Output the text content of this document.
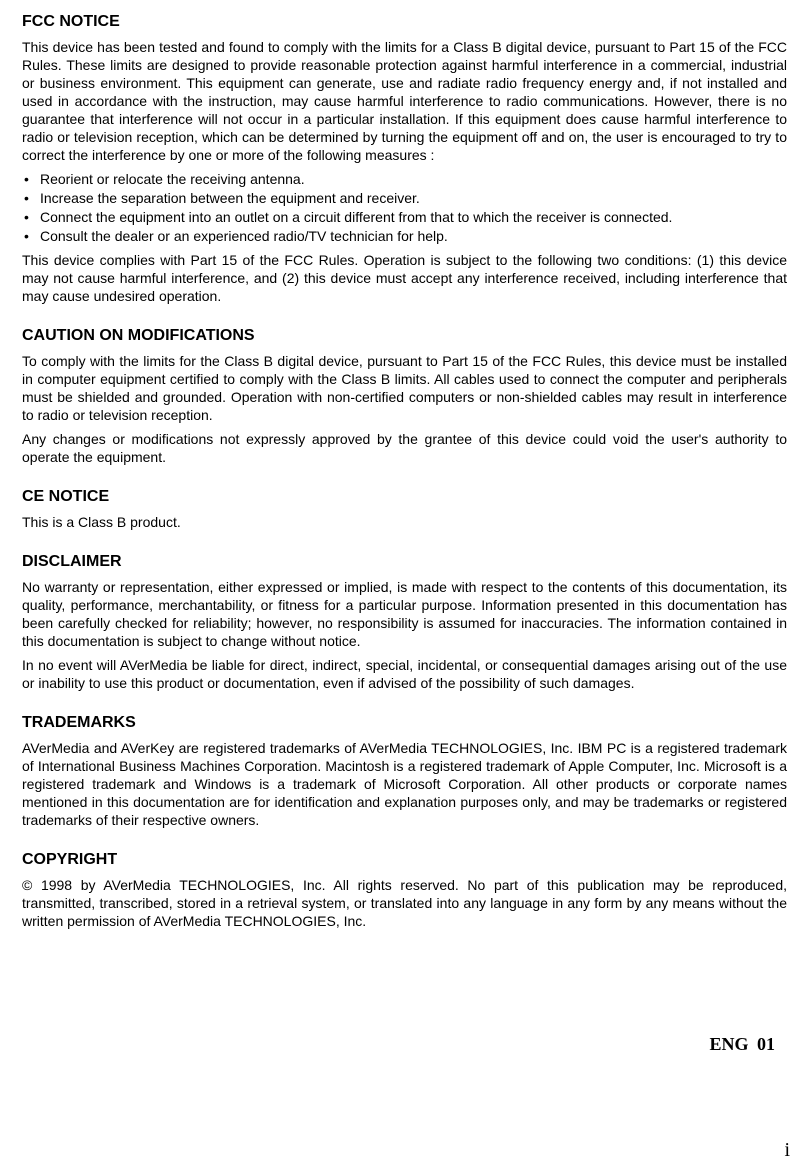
FCC NOTICE

This device has been tested and found to comply with the limits for a Class B digital device, pursuant to Part 15 of the FCC Rules. These limits are designed to provide reasonable protection against harmful interference in a commercial, industrial or business environment. This equipment can generate, use and radiate radio frequency energy and, if not installed and used in accordance with the instruction, may cause harmful interference to radio communications. However, there is no guarantee that interference will not occur in a particular installation. If this equipment does cause harmful interference to radio or television reception, which can be determined by turning the equipment off and on, the user is encouraged to try to correct the interference by one or more of the following measures :

• Reorient or relocate the receiving antenna.
• Increase the separation between the equipment and receiver.
• Connect the equipment into an outlet on a circuit different from that to which the receiver is connected.
• Consult the dealer or an experienced radio/TV technician for help.

This device complies with Part 15 of the FCC Rules. Operation is subject to the following two conditions: (1) this device may not cause harmful interference, and (2) this device must accept any interference received, including interference that may cause undesired operation.

CAUTION ON MODIFICATIONS

To comply with the limits for the Class B digital device, pursuant to Part 15 of the FCC Rules, this device must be installed in computer equipment certified to comply with the Class B limits. All cables used to connect the computer and peripherals must be shielded and grounded. Operation with non-certified computers or non-shielded cables may result in interference to radio or television reception.

Any changes or modifications not expressly approved by the grantee of this device could void the user's authority to operate the equipment.

CE NOTICE

This is a Class B product.

DISCLAIMER

No warranty or representation, either expressed or implied, is made with respect to the contents of this documentation, its quality, performance, merchantability, or fitness for a particular purpose. Information presented in this documentation has been carefully checked for reliability; however, no responsibility is assumed for inaccuracies. The information contained in this documentation is subject to change without notice.

In no event will AVerMedia be liable for direct, indirect, special, incidental, or consequential damages arising out of the use or inability to use this product or documentation, even if advised of the possibility of such damages.

TRADEMARKS

AVerMedia and AVerKey are registered trademarks of AVerMedia TECHNOLOGIES, Inc. IBM PC is a registered trademark of International Business Machines Corporation. Macintosh is a registered trademark of Apple Computer, Inc. Microsoft is a registered trademark and Windows is a trademark of Microsoft Corporation. All other products or corporate names mentioned in this documentation are for identification and explanation purposes only, and may be trademarks or registered trademarks of their respective owners.

COPYRIGHT

© 1998 by AVerMedia TECHNOLOGIES, Inc. All rights reserved. No part of this publication may be reproduced, transmitted, transcribed, stored in a retrieval system, or translated into any language in any form by any means without the written permission of AVerMedia TECHNOLOGIES, Inc.

ENG 01
i
